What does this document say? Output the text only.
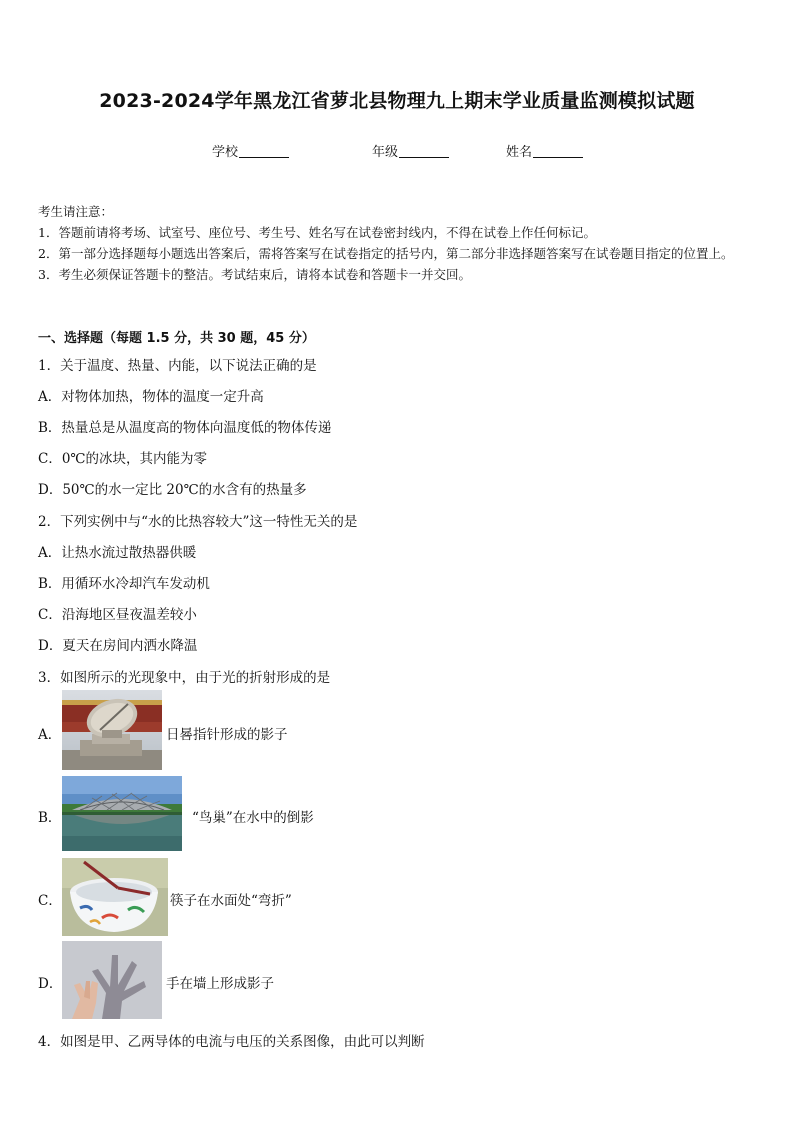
2023-2024学年黑龙江省萝北县物理九上期末学业质量监测模拟试题
学校	年级	姓名
考生请注意：
1．答题前请将考场、试室号、座位号、考生号、姓名写在试卷密封线内，不得在试卷上作任何标记。
2．第一部分选择题每小题选出答案后，需将答案写在试卷指定的括号内，第二部分非选择题答案写在试卷题目指定的位置上。
3．考生必须保证答题卡的整洁。考试结束后，请将本试卷和答题卡一并交回。
一、选择题（每题 1.5 分，共 30 题，45 分）
1．关于温度、热量、内能，以下说法正确的是
A．对物体加热，物体的温度一定升高
B．热量总是从温度高的物体向温度低的物体传递
C．0℃的冰块，其内能为零
D．50℃的水一定比 20℃的水含有的热量多
2．下列实例中与“水的比热容较大”这一特性无关的是
A．让热水流过散热器供暖
B．用循环水冷却汽车发动机
C．沿海地区昼夜温差较小
D．夏天在房间内洒水降温
3．如图所示的光现象中，由于光的折射形成的是
A．	日晷指针形成的影子
B．	“鸟巢”在水中的倒影
C．	筷子在水面处“弯折”
D．	手在墙上形成影子
4．如图是甲、乙两导体的电流与电压的关系图像，由此可以判断
